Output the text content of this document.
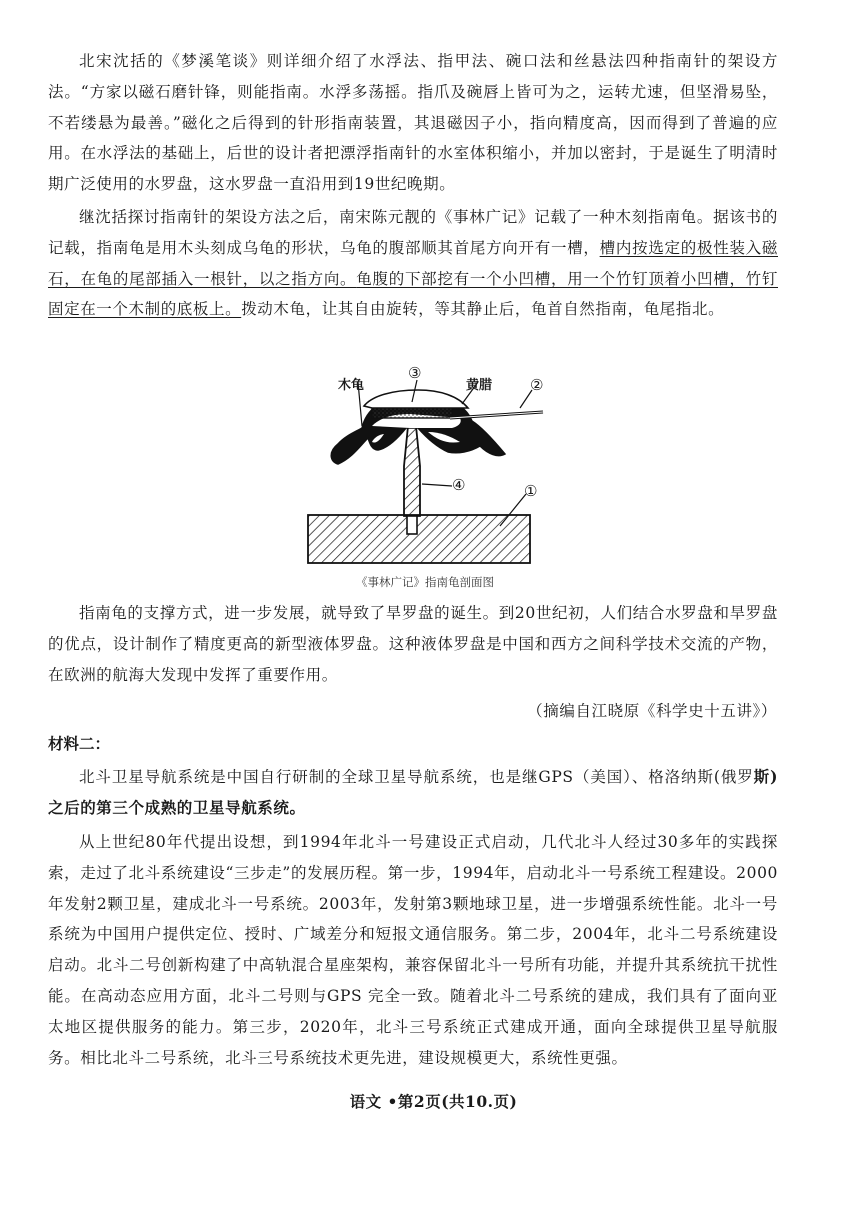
北宋沈括的《梦溪笔谈》则详细介绍了水浮法、指甲法、碗口法和丝悬法四种指南针的架设方法。“方家以磁石磨针锋，则能指南。水浮多荡摇。指爪及碗唇上皆可为之，运转尤速，但坚滑易坠，不若缕悬为最善。”磁化之后得到的针形指南装置，其退磁因子小，指向精度高，因而得到了普遍的应用。在水浮法的基础上，后世的设计者把漂浮指南针的水室体积缩小，并加以密封，于是诞生了明清时期广泛使用的水罗盘，这水罗盘一直沿用到19世纪晚期。

继沈括探讨指南针的架设方法之后，南宋陈元靓的《事林广记》记载了一种木刻指南龟。据该书的记载，指南龟是用木头刻成乌龟的形状，乌龟的腹部顺其首尾方向开有一槽，槽内按选定的极性装入磁石，在龟的尾部插入一根针，以之指方向。龟腹的下部挖有一个小凹槽，用一个竹钉顶着小凹槽，竹钉固定在一个木制的底板上。拨动木龟，让其自由旋转，等其静止后，龟首自然指南，龟尾指北。

木龟	黄腊
③
②
④	①
《事林广记》指南龟剖面图

指南龟的支撑方式，进一步发展，就导致了旱罗盘的诞生。到20世纪初，人们结合水罗盘和旱罗盘的优点，设计制作了精度更高的新型液体罗盘。这种液体罗盘是中国和西方之间科学技术交流的产物，在欧洲的航海大发现中发挥了重要作用。

（摘编自江晓原《科学史十五讲》）

材料二：

北斗卫星导航系统是中国自行研制的全球卫星导航系统，也是继GPS（美国）、格洛纳斯(俄罗斯)之后的第三个成熟的卫星导航系统。

从上世纪80年代提出设想，到1994年北斗一号建设正式启动，几代北斗人经过30多年的实践探索，走过了北斗系统建设“三步走”的发展历程。第一步，1994年，启动北斗一号系统工程建设。2000年发射2颗卫星，建成北斗一号系统。2003年，发射第3颗地球卫星，进一步增强系统性能。北斗一号系统为中国用户提供定位、授时、广域差分和短报文通信服务。第二步，2004年，北斗二号系统建设启动。北斗二号创新构建了中高轨混合星座架构，兼容保留北斗一号所有功能，并提升其系统抗干扰性能。在高动态应用方面，北斗二号则与GPS 完全一致。随着北斗二号系统的建成，我们具有了面向亚太地区提供服务的能力。第三步，2020年，北斗三号系统正式建成开通，面向全球提供卫星导航服务。相比北斗二号系统，北斗三号系统技术更先进，建设规模更大，系统性更强。

语文 •第2页(共10.页)
